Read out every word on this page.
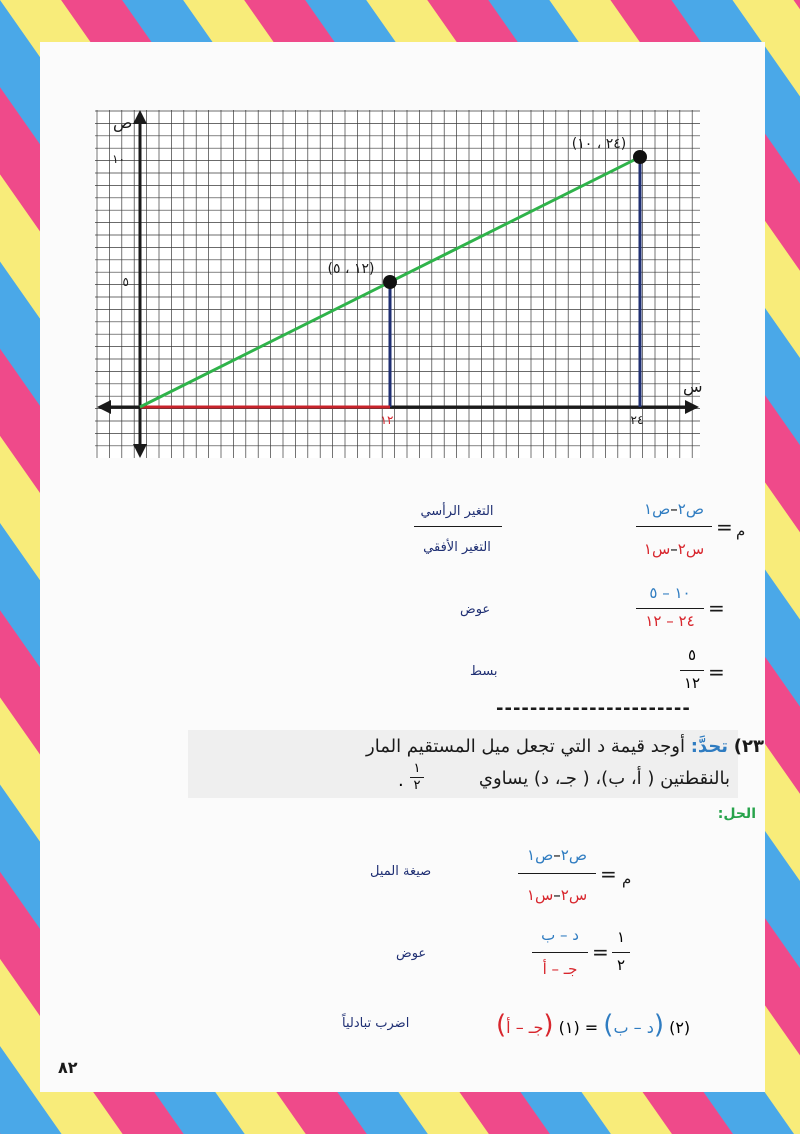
ص
س
١٠
٥
١٢	٢٤
(١٢ ، ٥)
(٢٤ ، ١٠)
م
=
ص٢–ص١
س٢–س١
التغير الرأسي
التغير الأفقي
=
١٠ – ٥
٢٤ – ١٢
عوض
=
٥
١٢
بسط
-----------------------
٢٣) تحدَّ: أوجد قيمة د التي تجعل ميل المستقيم المار
بالنقطتين ( أ، ب)، ( جـ، د) يساوي
١
٢
.
الحل:
م
=
ص٢–ص١
س٢–س١
صيغة الميل
١
٢
=
د – ب
جـ – أ
عوض
(جـ – أ) (١) = (د – ب) (٢)
اضرب تبادلياً
٨٢
